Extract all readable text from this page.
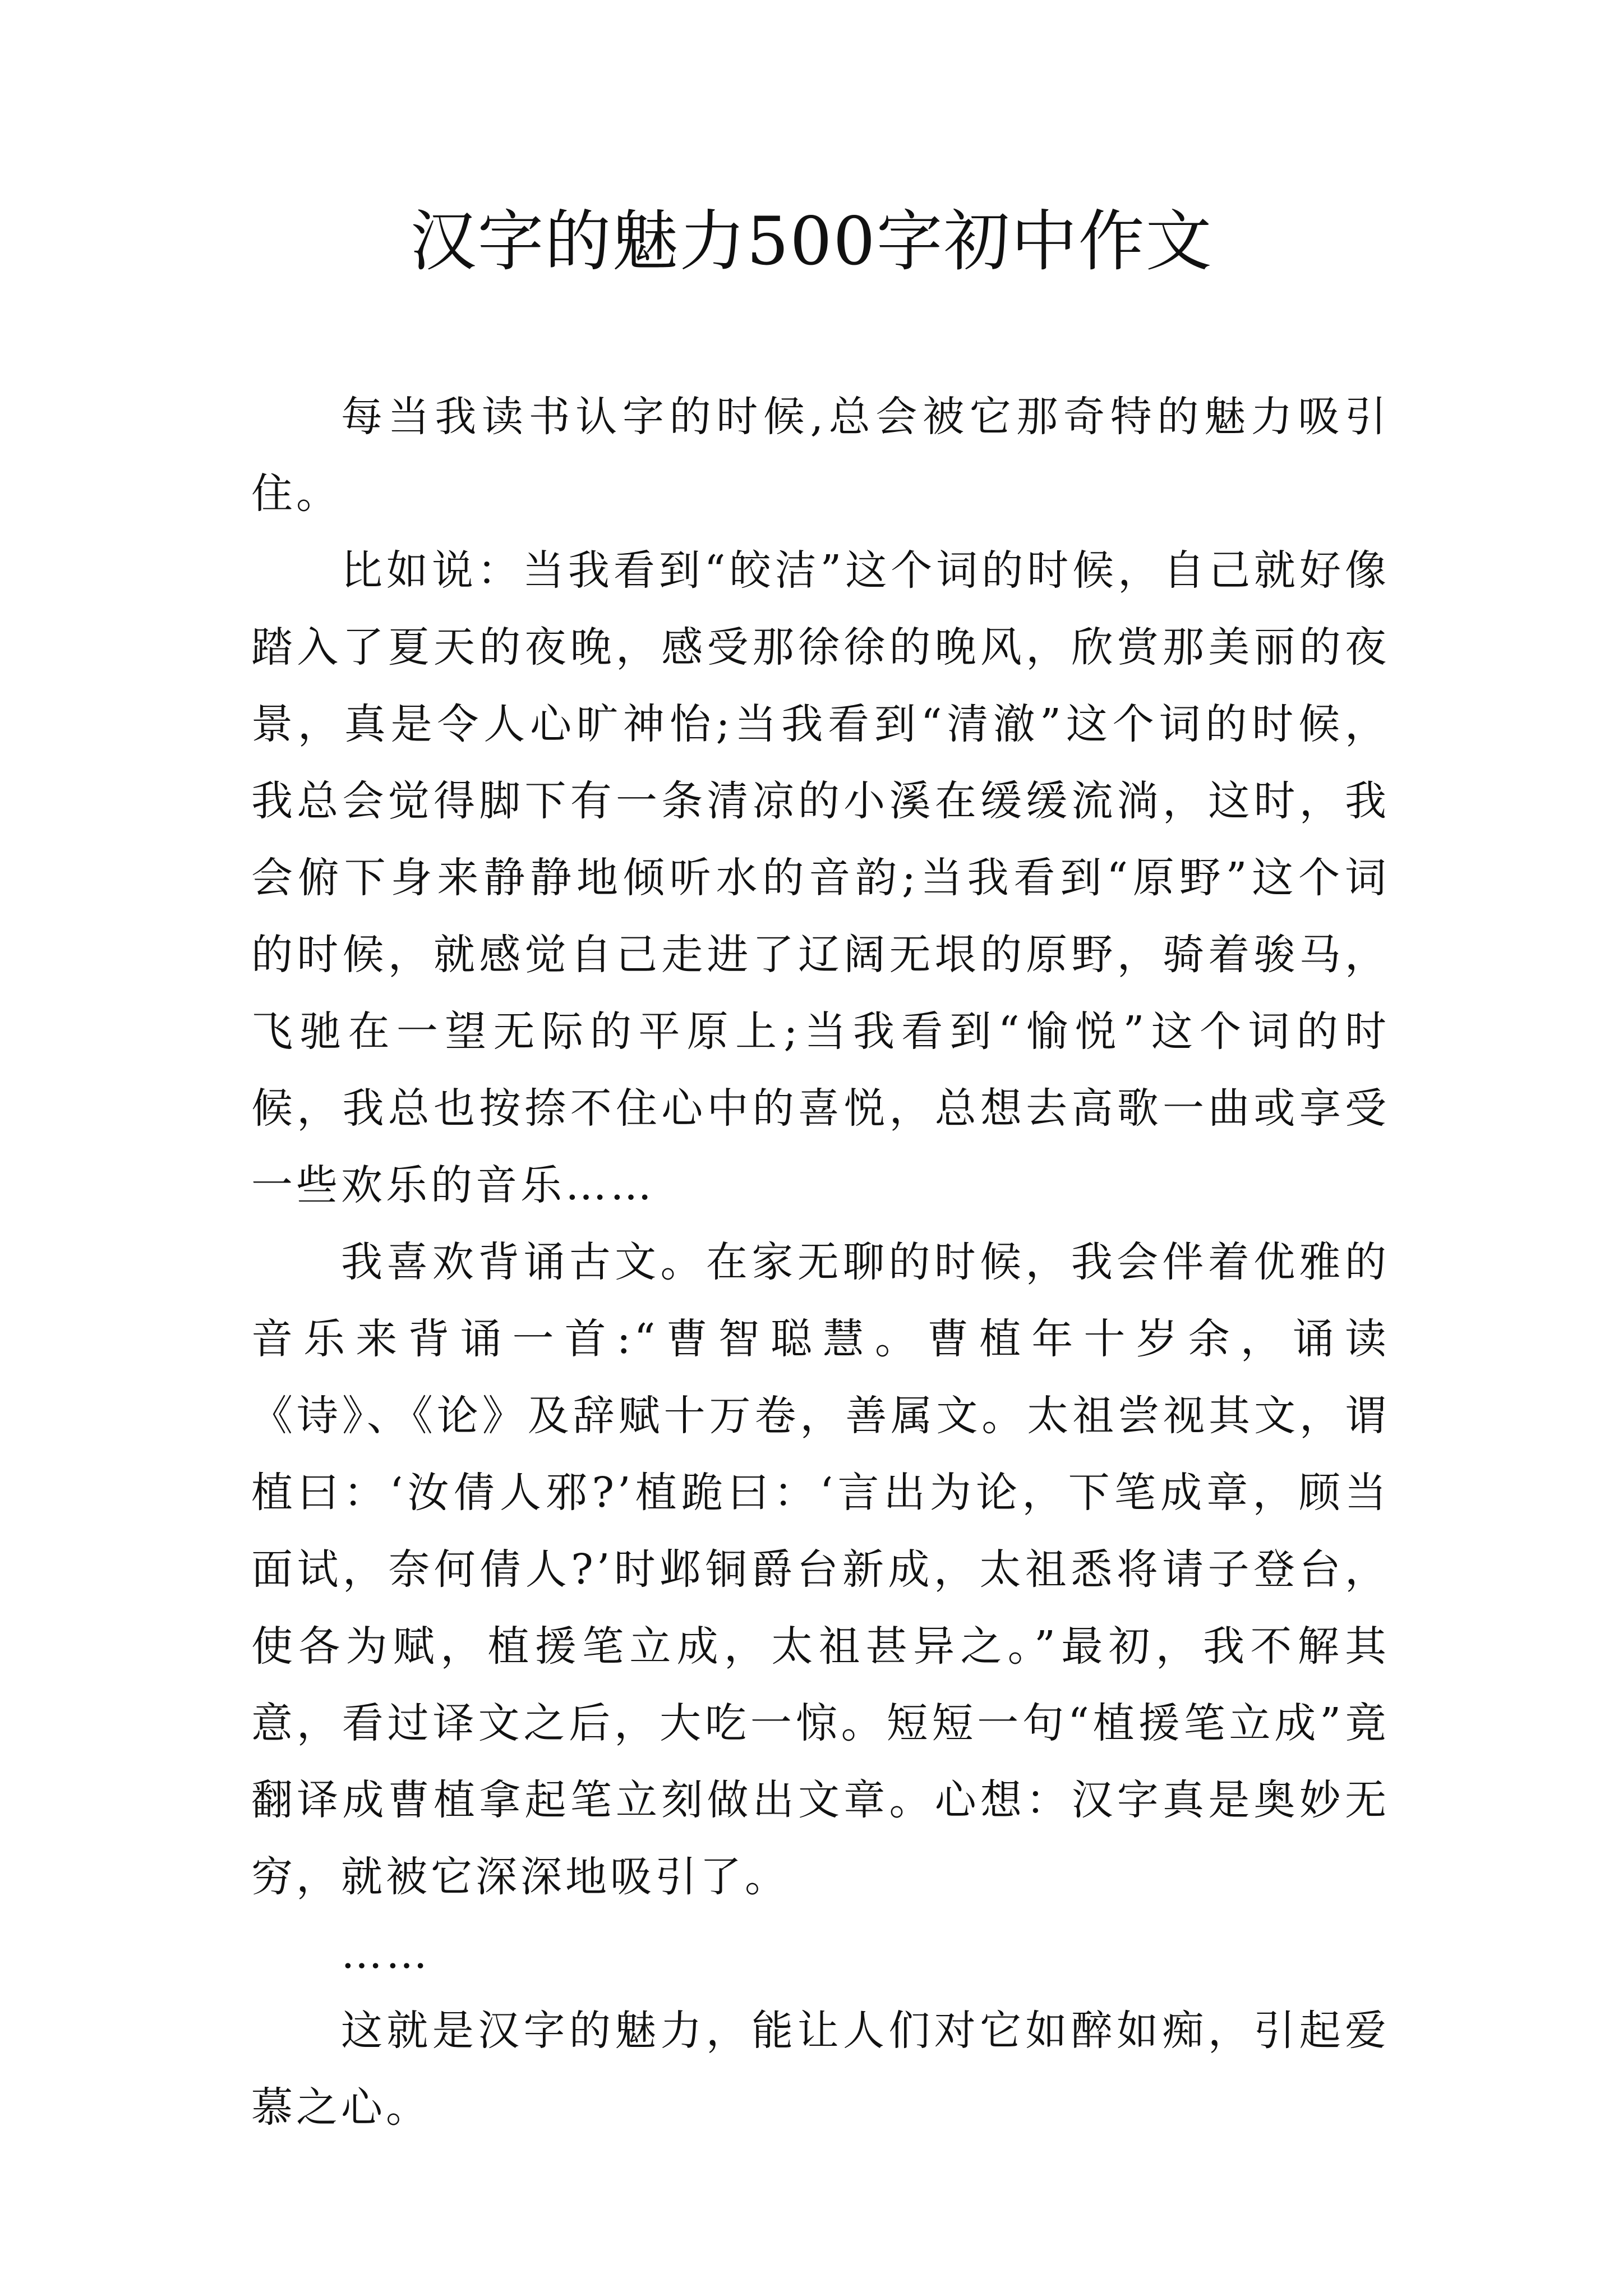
汉字的魅力500字初中作文

每当我读书认字的时候,总会被它那奇特的魅力吸引住。

比如说：当我看到“皎洁”这个词的时候，自己就好像踏入了夏天的夜晚，感受那徐徐的晚风，欣赏那美丽的夜景，真是令人心旷神怡;当我看到“清澈”这个词的时候，我总会觉得脚下有一条清凉的小溪在缓缓流淌，这时，我会俯下身来静静地倾听水的音韵;当我看到“原野”这个词的时候，就感觉自己走进了辽阔无垠的原野，骑着骏马，飞驰在一望无际的平原上;当我看到“愉悦”这个词的时候，我总也按捺不住心中的喜悦，总想去高歌一曲或享受一些欢乐的音乐……

我喜欢背诵古文。在家无聊的时候，我会伴着优雅的音乐来背诵一首:“曹智聪慧。曹植年十岁余，诵读《诗》、《论》及辞赋十万卷，善属文。太祖尝视其文，谓植曰：‘汝倩人邪?’植跪曰：‘言出为论，下笔成章，顾当面试，奈何倩人?’时邺铜爵台新成，太祖悉将请子登台，使各为赋，植援笔立成，太祖甚异之。”最初，我不解其意，看过译文之后，大吃一惊。短短一句“植援笔立成”竟翻译成曹植拿起笔立刻做出文章。心想：汉字真是奥妙无穷，就被它深深地吸引了。

……

这就是汉字的魅力，能让人们对它如醉如痴，引起爱慕之心。
